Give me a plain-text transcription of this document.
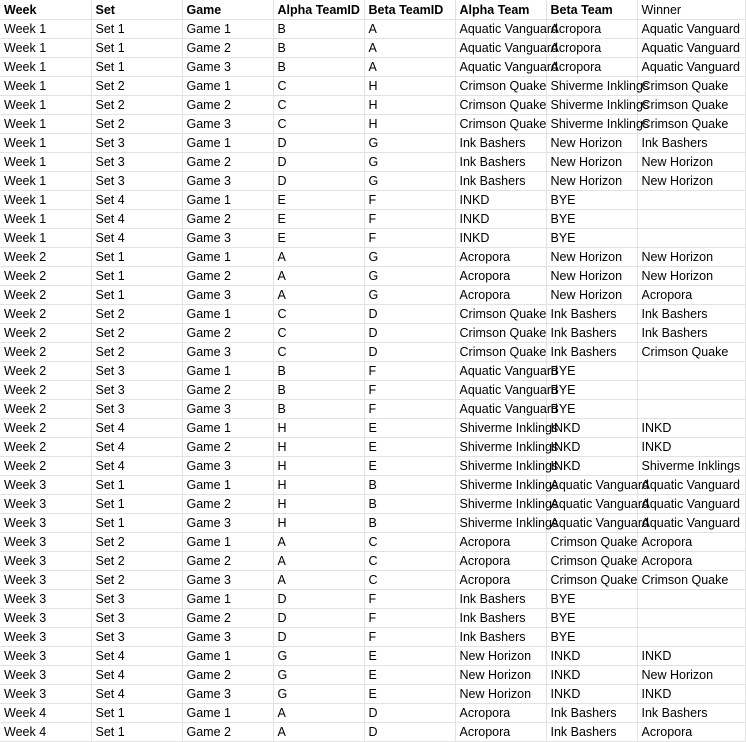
Week	Set	Game	Alpha TeamID	Beta TeamID	Alpha Team	Beta Team	Winner
Week 1	Set 1	Game 1	B	A	Aquatic Vanguard	Acropora	Aquatic Vanguard
Week 1	Set 1	Game 2	B	A	Aquatic Vanguard	Acropora	Aquatic Vanguard
Week 1	Set 1	Game 3	B	A	Aquatic Vanguard	Acropora	Aquatic Vanguard
Week 1	Set 2	Game 1	C	H	Crimson Quake	Shiverme Inklings	Crimson Quake
Week 1	Set 2	Game 2	C	H	Crimson Quake	Shiverme Inklings	Crimson Quake
Week 1	Set 2	Game 3	C	H	Crimson Quake	Shiverme Inklings	Crimson Quake
Week 1	Set 3	Game 1	D	G	Ink Bashers	New Horizon	Ink Bashers
Week 1	Set 3	Game 2	D	G	Ink Bashers	New Horizon	New Horizon
Week 1	Set 3	Game 3	D	G	Ink Bashers	New Horizon	New Horizon
Week 1	Set 4	Game 1	E	F	INKD	BYE	
Week 1	Set 4	Game 2	E	F	INKD	BYE	
Week 1	Set 4	Game 3	E	F	INKD	BYE	
Week 2	Set 1	Game 1	A	G	Acropora	New Horizon	New Horizon
Week 2	Set 1	Game 2	A	G	Acropora	New Horizon	New Horizon
Week 2	Set 1	Game 3	A	G	Acropora	New Horizon	Acropora
Week 2	Set 2	Game 1	C	D	Crimson Quake	Ink Bashers	Ink Bashers
Week 2	Set 2	Game 2	C	D	Crimson Quake	Ink Bashers	Ink Bashers
Week 2	Set 2	Game 3	C	D	Crimson Quake	Ink Bashers	Crimson Quake
Week 2	Set 3	Game 1	B	F	Aquatic Vanguard	BYE	
Week 2	Set 3	Game 2	B	F	Aquatic Vanguard	BYE	
Week 2	Set 3	Game 3	B	F	Aquatic Vanguard	BYE	
Week 2	Set 4	Game 1	H	E	Shiverme Inklings	INKD	INKD
Week 2	Set 4	Game 2	H	E	Shiverme Inklings	INKD	INKD
Week 2	Set 4	Game 3	H	E	Shiverme Inklings	INKD	Shiverme Inklings
Week 3	Set 1	Game 1	H	B	Shiverme Inklings	Aquatic Vanguard	Aquatic Vanguard
Week 3	Set 1	Game 2	H	B	Shiverme Inklings	Aquatic Vanguard	Aquatic Vanguard
Week 3	Set 1	Game 3	H	B	Shiverme Inklings	Aquatic Vanguard	Aquatic Vanguard
Week 3	Set 2	Game 1	A	C	Acropora	Crimson Quake	Acropora
Week 3	Set 2	Game 2	A	C	Acropora	Crimson Quake	Acropora
Week 3	Set 2	Game 3	A	C	Acropora	Crimson Quake	Crimson Quake
Week 3	Set 3	Game 1	D	F	Ink Bashers	BYE	
Week 3	Set 3	Game 2	D	F	Ink Bashers	BYE	
Week 3	Set 3	Game 3	D	F	Ink Bashers	BYE	
Week 3	Set 4	Game 1	G	E	New Horizon	INKD	INKD
Week 3	Set 4	Game 2	G	E	New Horizon	INKD	New Horizon
Week 3	Set 4	Game 3	G	E	New Horizon	INKD	INKD
Week 4	Set 1	Game 1	A	D	Acropora	Ink Bashers	Ink Bashers
Week 4	Set 1	Game 2	A	D	Acropora	Ink Bashers	Acropora
